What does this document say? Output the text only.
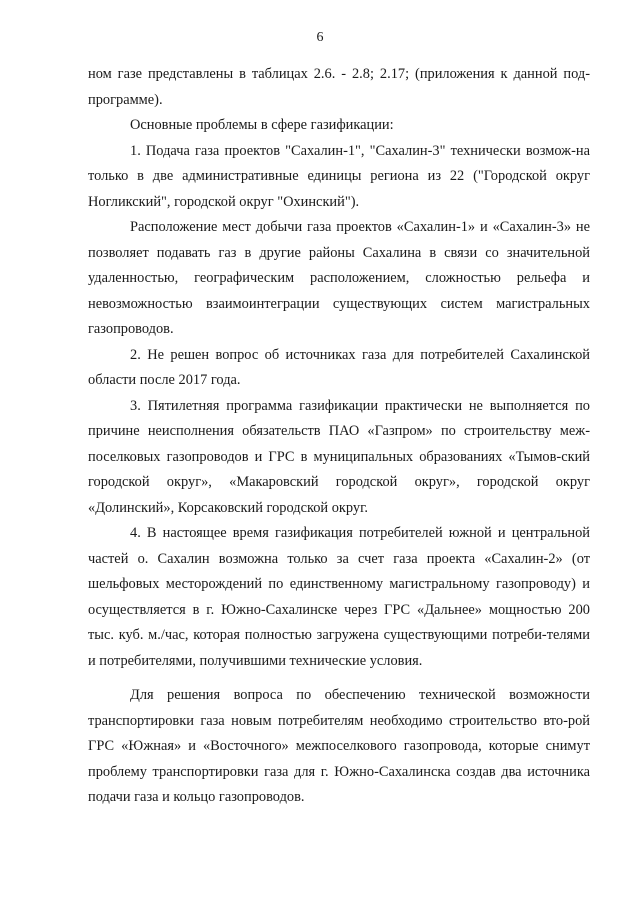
6

ном газе представлены в таблицах 2.6. - 2.8; 2.17; (приложения к данной под-программе).

Основные проблемы в сфере газификации:

1. Подача газа проектов "Сахалин-1", "Сахалин-3" технически возмож-на только в две административные единицы региона из 22 ("Городской округ Ногликский", городской округ "Охинский").

Расположение мест добычи газа проектов «Сахалин-1» и «Сахалин-3» не позволяет подавать газ в другие районы Сахалина в связи со значительной удаленностью, географическим расположением, сложностью рельефа и невозможностью взаимоинтеграции существующих систем магистральных газопроводов.

2. Не решен вопрос об источниках газа для потребителей Сахалинской области после 2017 года.

3. Пятилетняя программа газификации практически не выполняется по причине неисполнения обязательств ПАО «Газпром» по строительству меж-поселковых газопроводов и ГРС в муниципальных образованиях «Тымов-ский городской округ», «Макаровский городской округ», городской округ «Долинский», Корсаковский городской округ.

4. В настоящее время газификация потребителей южной и центральной частей о. Сахалин возможна только за счет газа проекта «Сахалин-2» (от шельфовых месторождений по единственному магистральному газопроводу) и осуществляется в г. Южно-Сахалинске через ГРС «Дальнее» мощностью 200 тыс. куб. м./час, которая полностью загружена существующими потреби-телями и потребителями, получившими технические условия.

Для решения вопроса по обеспечению технической возможности транспортировки газа новым потребителям необходимо строительство вто-рой ГРС «Южная» и «Восточного» межпоселкового газопровода, которые снимут проблему транспортировки газа для г. Южно-Сахалинска создав два источника подачи газа и кольцо газопроводов.
